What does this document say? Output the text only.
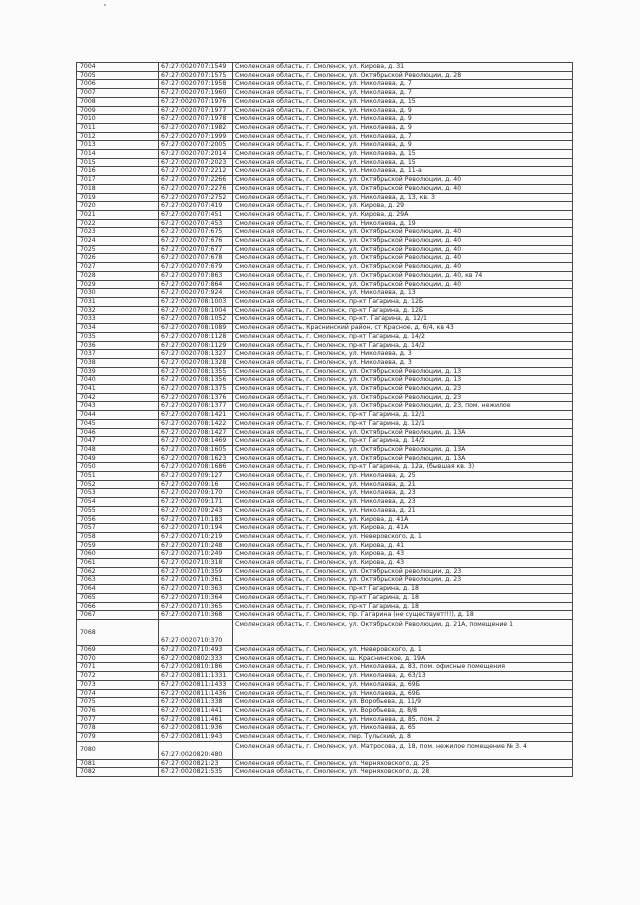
7004	67:27:0020707:1549	Смоленская область, г. Смоленск, ул. Кирова, д. 31
7005	67:27:0020707:1575	Смоленская область, г. Смоленск, ул. Октябрьской Революции, д. 28
7006	67:27:0020707:1958	Смоленская область, г. Смоленск, ул. Николаева, д. 7
7007	67:27:0020707:1960	Смоленская область, г. Смоленск, ул. Николаева, д. 7
7008	67:27:0020707:1976	Смоленская область, г. Смоленск, ул. Николаева, д. 15
7009	67:27:0020707:1977	Смоленская область, г. Смоленск, ул. Николаева, д. 9
7010	67:27:0020707:1978	Смоленская область, г. Смоленск, ул. Николаева, д. 9
7011	67:27:0020707:1982	Смоленская область, г. Смоленск, ул. Николаева, д. 9
7012	67:27:0020707:1999	Смоленская область, г. Смоленск, ул. Николаева, д. 7
7013	67:27:0020707:2005	Смоленская область, г. Смоленск, ул. Николаева, д. 9
7014	67:27:0020707:2014	Смоленская область, г. Смоленск, ул. Николаева, д. 15
7015	67:27:0020707:2023	Смоленская область, г. Смоленск, ул. Николаева, д. 15
7016	67:27:0020707:2212	Смоленская область, г. Смоленск, ул. Николаева, д. 11-а
7017	67:27:0020707:2266	Смоленская область, г. Смоленск, ул. Октябрьской Революции, д. 40
7018	67:27:0020707:2276	Смоленская область, г. Смоленск, ул. Октябрьской Революции, д. 40
7019	67:27:0020707:2752	Смоленская область, г. Смоленск, ул. Николаева, д. 13, кв. 3
7020	67:27:0020707:419	Смоленская область, г. Смоленск, ул. Кирова, д. 29
7021	67:27:0020707:451	Смоленская область, г. Смоленск, ул. Кирова, д. 29А
7022	67:27:0020707:453	Смоленская область, г. Смоленск, ул. Николаева, д. 19
7023	67:27:0020707:675	Смоленская область, г. Смоленск, ул. Октябрьской Революции, д. 40
7024	67:27:0020707:676	Смоленская область, г. Смоленск, ул. Октябрьской Революции, д. 40
7025	67:27:0020707:677	Смоленская область, г. Смоленск, ул. Октябрьской Революции, д. 40
7026	67:27:0020707:678	Смоленская область, г. Смоленск, ул. Октябрьской Революции, д. 40
7027	67:27:0020707:679	Смоленская область, г. Смоленск, ул. Октябрьской Революции, д. 40
7028	67:27:0020707:863	Смоленская область, г. Смоленск, ул. Октябрьской Революции, д. 40, кв 74
7029	67:27:0020707:864	Смоленская область, г. Смоленск, ул. Октябрьской Революции, д. 40
7030	67:27:0020707:924	Смоленская область, г. Смоленск, ул. Николаева, д. 13
7031	67:27:0020708:1003	Смоленская область, г. Смоленск, пр-кт Гагарина, д. 12Б
7032	67:27:0020708:1004	Смоленская область, г. Смоленск, пр-кт Гагарина, д. 12Б
7033	67:27:0020708:1052	Смоленская область, г. Смоленск, пр-кт. Гагарина, д. 12/1
7034	67:27:0020708:1089	Смоленская область, Краснинский район, ст Красное, д. 6/4, кв 43
7035	67:27:0020708:1128	Смоленская область, г. Смоленск, пр-кт Гагарина, д. 14/2
7036	67:27:0020708:1129	Смоленская область, г. Смоленск, пр-кт Гагарина, д. 14/2
7037	67:27:0020708:1327	Смоленская область, г. Смоленск, ул. Николаева, д. 3
7038	67:27:0020708:1328	Смоленская область, г. Смоленск, ул. Николаева, д. 3
7039	67:27:0020708:1355	Смоленская область, г. Смоленск, ул. Октябрьской Революции, д. 13
7040	67:27:0020708:1356	Смоленская область, г. Смоленск, ул. Октябрьской Революции, д. 13
7041	67:27:0020708:1375	Смоленская область, г. Смоленск, ул. Октябрьской Революции, д. 23
7042	67:27:0020708:1376	Смоленская область, г. Смоленск, ул. Октябрьской Революции, д. 23
7043	67:27:0020708:1377	Смоленская область, г. Смоленск, ул. Октябрьской Революции, д. 23, пом. нежилое
7044	67:27:0020708:1421	Смоленская область, г. Смоленск, пр-кт Гагарина, д. 12/1
7045	67:27:0020708:1422	Смоленская область, г. Смоленск, пр-кт Гагарина, д. 12/1
7046	67:27:0020708:1427	Смоленская область, г. Смоленск, ул. Октябрьской Революции, д. 13А
7047	67:27:0020708:1469	Смоленская область, г. Смоленск, пр-кт Гагарина, д. 14/2
7048	67:27:0020708:1605	Смоленская область, г. Смоленск, ул. Октябрьской Революции, д. 13А
7049	67:27:0020708:1623	Смоленская область, г. Смоленск, ул. Октябрьской Революции, д. 13А
7050	67:27:0020708:1686	Смоленская область, г. Смоленск, пр-кт Гагарина, д. 12а, (бывшая кв. 3)
7051	67:27:0020709:127	Смоленская область, г. Смоленск, ул. Николаева, д. 25
7052	67:27:0020709:16	Смоленская область, г. Смоленск, ул. Николаева, д. 21
7053	67:27:0020709:170	Смоленская область, г. Смоленск, ул. Николаева, д. 23
7054	67:27:0020709:171	Смоленская область, г. Смоленск, ул. Николаева, д. 23
7055	67:27:0020709:243	Смоленская область, г. Смоленск, ул. Николаева, д. 21
7056	67:27:0020710:183	Смоленская область, г. Смоленск, ул. Кирова, д. 41А
7057	67:27:0020710:194	Смоленская область, г. Смоленск, ул. Кирова, д. 41А
7058	67:27:0020710:219	Смоленская область, г. Смоленск, ул. Неверовского, д. 1
7059	67:27:0020710:248	Смоленская область, г. Смоленск, ул. Кирова, д. 41
7060	67:27:0020710:249	Смоленская область, г. Смоленск, ул. Кирова, д. 43
7061	67:27:0020710:318	Смоленская область, г. Смоленск, ул. Кирова, д. 43
7062	67:27:0020710:359	Смоленская область, г. Смоленск, ул. Октябрьской революции, д. 23
7063	67:27:0020710:361	Смоленская область, г. Смоленск, ул. Октябрьской Революции, д. 23
7064	67:27:0020710:363	Смоленская область, г. Смоленск, пр-кт Гагарина, д. 18
7065	67:27:0020710:364	Смоленская область, г. Смоленск, пр-кт Гагарина, д. 18
7066	67:27:0020710:365	Смоленская область, г. Смоленск, пр-кт Гагарина, д. 18
7067	67:27:0020710:368	Смоленская область, г. Смоленск, пр. Гагарина (не существует!!!), д. 18
7068	67:27:0020710:370	Смоленская область, г. Смоленск, ул. Октябрьской Революции, д. 21А, помещение 1
7069	67:27:0020710:493	Смоленская область, г. Смоленск, ул. Неверовского, д. 1
7070	67:27:0020802:333	Смоленская область, г. Смоленск, ш. Краснинское, д. 19А
7071	67:27:0020810:186	Смоленская область, г. Смоленск, ул. Николаева, д. 83, пом. офисные помещения
7072	67:27:0020811:1331	Смоленская область, г. Смоленск, ул. Николаева, д. 63/13
7073	67:27:0020811:1433	Смоленская область, г. Смоленск, ул. Николаева, д. 69Б
7074	67:27:0020811:1436	Смоленская область, г. Смоленск, ул. Николаева, д. 69Б
7075	67:27:0020811:338	Смоленская область, г. Смоленск, ул. Воробьева, д. 11/9
7076	67:27:0020811:441	Смоленская область, г. Смоленск, ул. Воробьева, д. 8/8
7077	67:27:0020811:461	Смоленская область, г. Смоленск, ул. Николаева, д. 85, пом. 2
7078	67:27:0020811:936	Смоленская область, г. Смоленск, ул. Николаева, д. 65
7079	67:27:0020811:943	Смоленская область, г. Смоленск, пер. Тульский, д. 8
7080	67:27:0020820:480	Смоленская область, г. Смоленск, ул. Матросова, д. 18, пом. нежилое помещение № 3. 4
7081	67:27:0020821:23	Смоленская область, г. Смоленск, ул. Черняховского, д. 25
7082	67:27:0020821:535	Смоленская область, г. Смоленск, ул. Черняховского, д. 28
